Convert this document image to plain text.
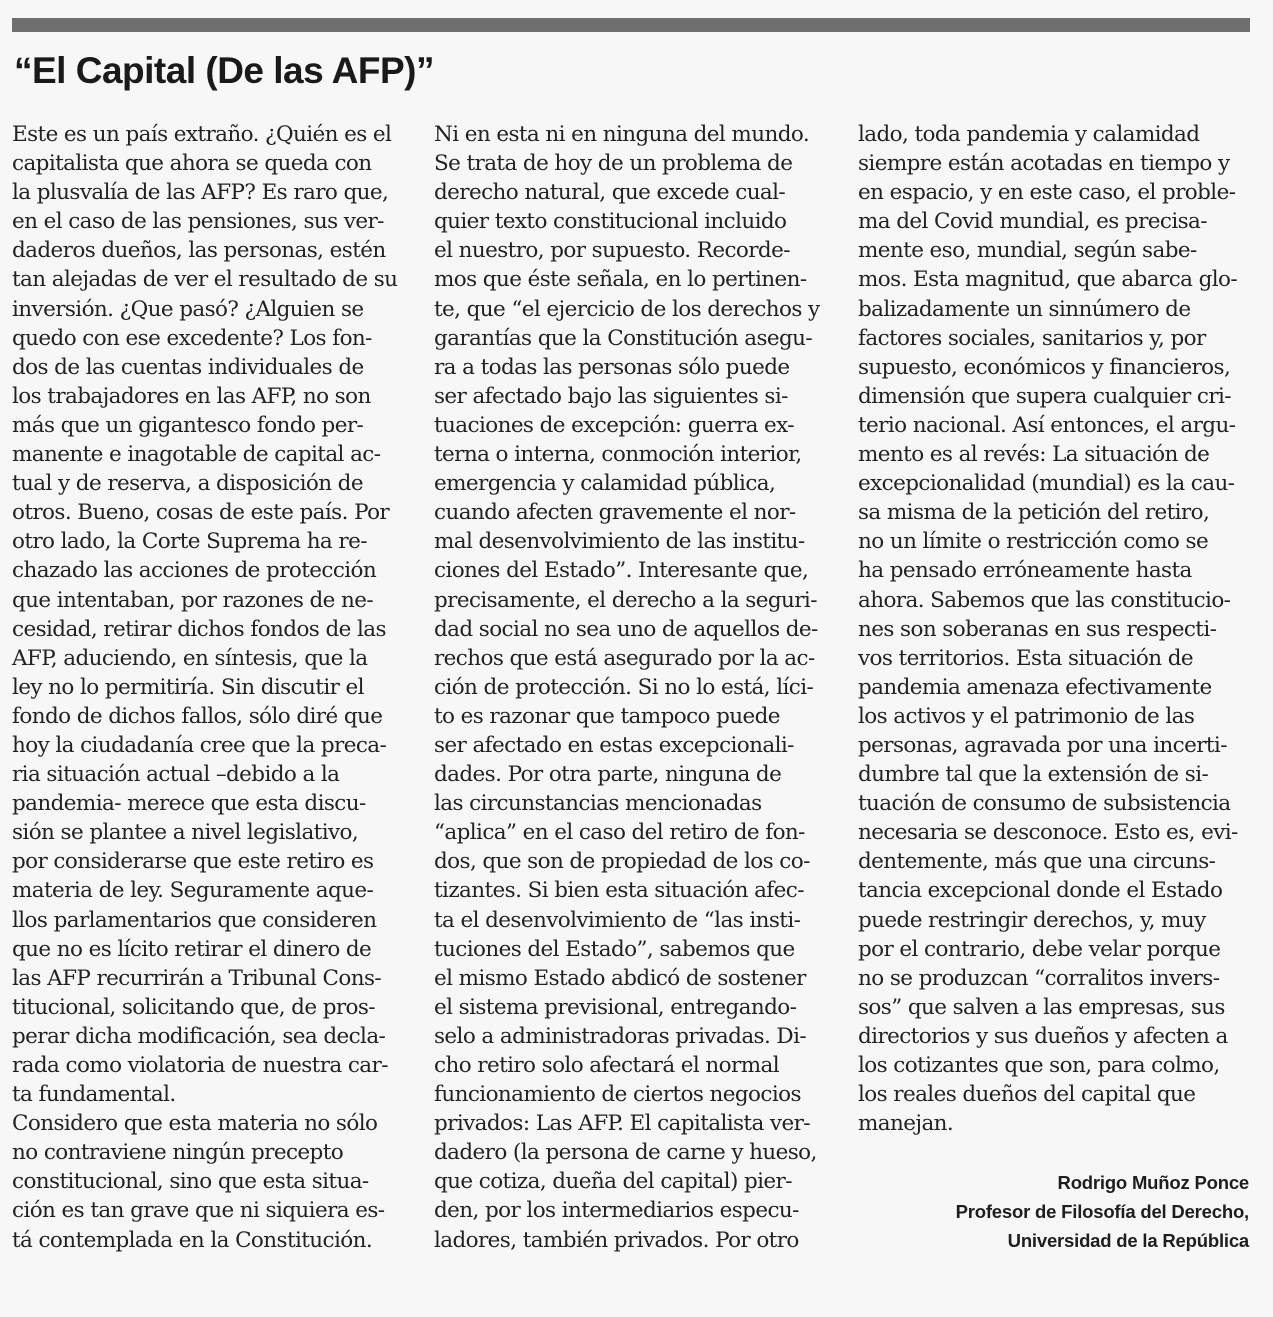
“El Capital (De las AFP)”
Este es un país extraño. ¿Quién es el
capitalista que ahora se queda con
la plusvalía de las AFP? Es raro que,
en el caso de las pensiones, sus ver-
daderos dueños, las personas, estén
tan alejadas de ver el resultado de su
inversión. ¿Que pasó? ¿Alguien se
quedo con ese excedente? Los fon-
dos de las cuentas individuales de
los trabajadores en las AFP, no son
más que un gigantesco fondo per-
manente e inagotable de capital ac-
tual y de reserva, a disposición de
otros. Bueno, cosas de este país. Por
otro lado, la Corte Suprema ha re-
chazado las acciones de protección
que intentaban, por razones de ne-
cesidad, retirar dichos fondos de las
AFP, aduciendo, en síntesis, que la
ley no lo permitiría. Sin discutir el
fondo de dichos fallos, sólo diré que
hoy la ciudadanía cree que la preca-
ria situación actual –debido a la
pandemia- merece que esta discu-
sión se plantee a nivel legislativo,
por considerarse que este retiro es
materia de ley. Seguramente aque-
llos parlamentarios que consideren
que no es lícito retirar el dinero de
las AFP recurrirán a Tribunal Cons-
titucional, solicitando que, de pros-
perar dicha modificación, sea decla-
rada como violatoria de nuestra car-
ta fundamental.
Considero que esta materia no sólo
no contraviene ningún precepto
constitucional, sino que esta situa-
ción es tan grave que ni siquiera es-
tá contemplada en la Constitución.
Ni en esta ni en ninguna del mundo.
Se trata de hoy de un problema de
derecho natural, que excede cual-
quier texto constitucional incluido
el nuestro, por supuesto. Recorde-
mos que éste señala, en lo pertinen-
te, que “el ejercicio de los derechos y
garantías que la Constitución asegu-
ra a todas las personas sólo puede
ser afectado bajo las siguientes si-
tuaciones de excepción: guerra ex-
terna o interna, conmoción interior,
emergencia y calamidad pública,
cuando afecten gravemente el nor-
mal desenvolvimiento de las institu-
ciones del Estado”. Interesante que,
precisamente, el derecho a la seguri-
dad social no sea uno de aquellos de-
rechos que está asegurado por la ac-
ción de protección. Si no lo está, líci-
to es razonar que tampoco puede
ser afectado en estas excepcionali-
dades. Por otra parte, ninguna de
las circunstancias mencionadas
“aplica” en el caso del retiro de fon-
dos, que son de propiedad de los co-
tizantes. Si bien esta situación afec-
ta el desenvolvimiento de “las insti-
tuciones del Estado”, sabemos que
el mismo Estado abdicó de sostener
el sistema previsional, entregando-
selo a administradoras privadas. Di-
cho retiro solo afectará el normal
funcionamiento de ciertos negocios
privados: Las AFP. El capitalista ver-
dadero (la persona de carne y hueso,
que cotiza, dueña del capital) pier-
den, por los intermediarios especu-
ladores, también privados. Por otro
lado, toda pandemia y calamidad
siempre están acotadas en tiempo y
en espacio, y en este caso, el proble-
ma del Covid mundial, es precisa-
mente eso, mundial, según sabe-
mos. Esta magnitud, que abarca glo-
balizadamente un sinnúmero de
factores sociales, sanitarios y, por
supuesto, económicos y financieros,
dimensión que supera cualquier cri-
terio nacional. Así entonces, el argu-
mento es al revés: La situación de
excepcionalidad (mundial) es la cau-
sa misma de la petición del retiro,
no un límite o restricción como se
ha pensado erróneamente hasta
ahora. Sabemos que las constitucio-
nes son soberanas en sus respecti-
vos territorios. Esta situación de
pandemia amenaza efectivamente
los activos y el patrimonio de las
personas, agravada por una incerti-
dumbre tal que la extensión de si-
tuación de consumo de subsistencia
necesaria se desconoce. Esto es, evi-
dentemente, más que una circuns-
tancia excepcional donde el Estado
puede restringir derechos, y, muy
por el contrario, debe velar porque
no se produzcan “corralitos invers-
sos” que salven a las empresas, sus
directorios y sus dueños y afecten a
los cotizantes que son, para colmo,
los reales dueños del capital que
manejan.
Rodrigo Muñoz Ponce
Profesor de Filosofía del Derecho,
Universidad de la República
